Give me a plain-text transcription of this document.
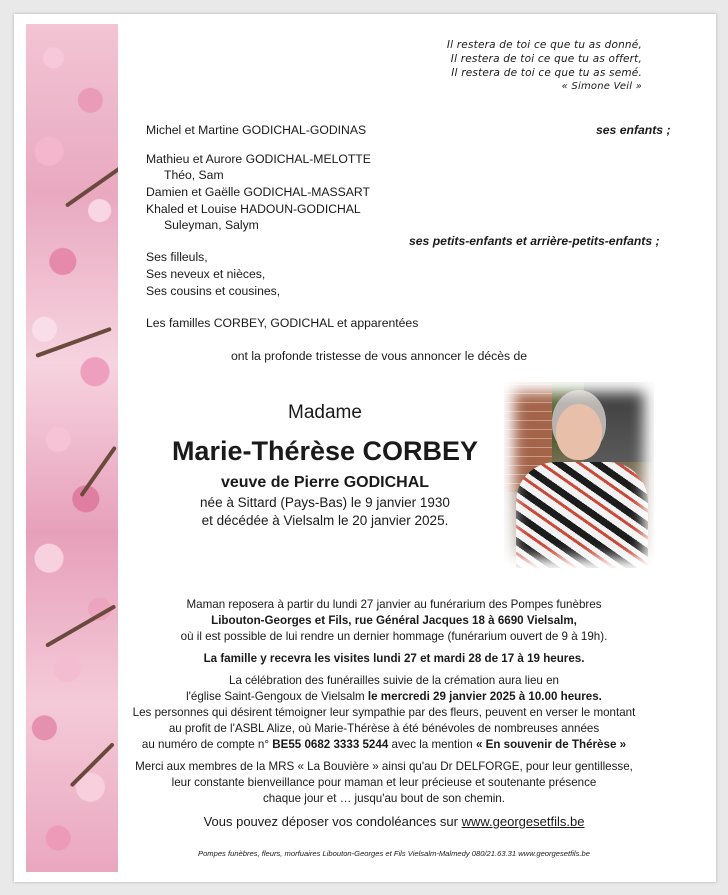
Il restera de toi ce que tu as donné,
Il restera de toi ce que tu as offert,
Il restera de toi ce que tu as semé.
« Simone Veil »
Michel et Martine GODICHAL-GODINAS	ses enfants ;
Mathieu et Aurore GODICHAL-MELOTTE
Théo, Sam
Damien et Gaëlle GODICHAL-MASSART
Khaled et Louise HADOUN-GODICHAL
Suleyman, Salym
ses petits-enfants et arrière-petits-enfants ;
Ses filleuls,
Ses neveux et nièces,
Ses cousins et cousines,
Les familles CORBEY, GODICHAL et apparentées
ont la profonde tristesse de vous annoncer le décès de
Madame
Marie-Thérèse CORBEY
veuve de Pierre GODICHAL
née à Sittard (Pays-Bas) le 9 janvier 1930
et décédée à Vielsalm le 20 janvier 2025.
Maman reposera à partir du lundi 27 janvier au funérarium des Pompes funèbres
Libouton-Georges et Fils, rue Général Jacques 18 à 6690 Vielsalm,
où il est possible de lui rendre un dernier hommage (funérarium ouvert de 9 à 19h).
La famille y recevra les visites lundi 27 et mardi 28 de 17 à 19 heures.
La célébration des funérailles suivie de la crémation aura lieu en
l'église Saint-Gengoux de Vielsalm le mercredi 29 janvier 2025 à 10.00 heures.
Les personnes qui désirent témoigner leur sympathie par des fleurs, peuvent en verser le montant
au profit de l'ASBL Alize, où Marie-Thérèse à été bénévoles de nombreuses années
au numéro de compte n° BE55 0682 3333 5244 avec la mention « En souvenir de Thérèse »
Merci aux membres de la MRS « La Bouvière » ainsi qu'au Dr DELFORGE, pour leur gentillesse,
leur constante bienveillance pour maman et leur précieuse et soutenante présence
chaque jour et … jusqu'au bout de son chemin.
Vous pouvez déposer vos condoléances sur www.georgesetfils.be
Pompes funèbres, fleurs, morfuaires Libouton-Georges et Fils Vielsalm-Malmedy 080/21.63.31 www.georgesetfils.be
